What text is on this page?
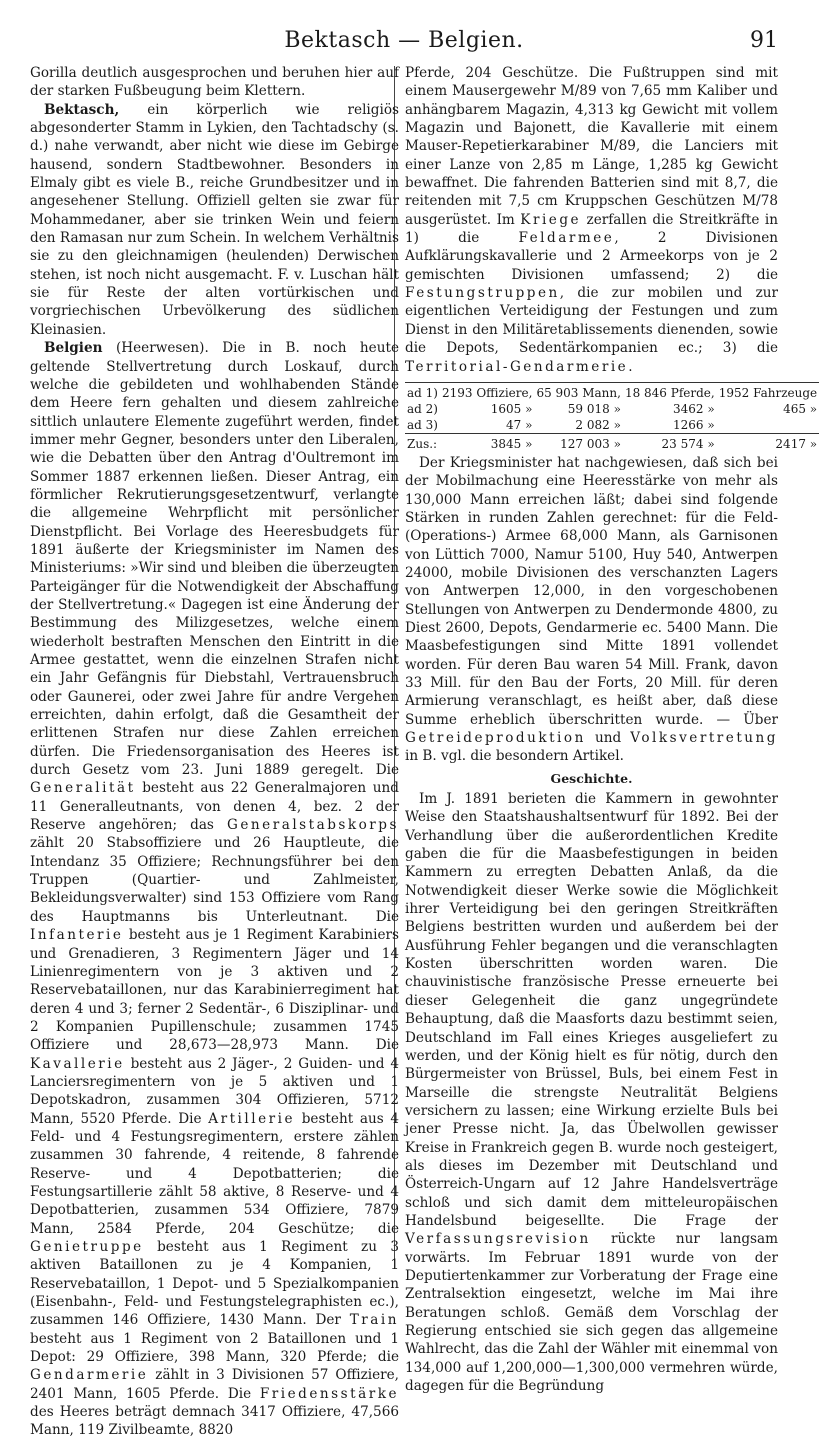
Bektasch — Belgien.	91

Gorilla deutlich ausgesprochen und beruhen hier auf der starken Fußbeugung beim Klettern.

Bektasch, ein körperlich wie religiös abgesonderter Stamm in Lykien, den Tachtadschy (s. d.) nahe verwandt, aber nicht wie diese im Gebirge hausend, sondern Stadtbewohner. Besonders in Elmaly gibt es viele B., reiche Grundbesitzer und in angesehener Stellung. Offiziell gelten sie zwar für Mohammedaner, aber sie trinken Wein und feiern den Ramasan nur zum Schein. In welchem Verhältnis sie zu den gleichnamigen (heulenden) Derwischen stehen, ist noch nicht ausgemacht. F. v. Luschan hält sie für Reste der alten vortürkischen und vorgriechischen Urbevölkerung des südlichen Kleinasien.

Belgien (Heerwesen). Die in B. noch heute geltende Stellvertretung durch Loskauf, durch welche die gebildeten und wohlhabenden Stände dem Heere fern gehalten und diesem zahlreiche sittlich unlautere Elemente zugeführt werden, findet immer mehr Gegner, besonders unter den Liberalen, wie die Debatten über den Antrag d'Oultremont im Sommer 1887 erkennen ließen. Dieser Antrag, ein förmlicher Rekrutierungsgesetzentwurf, verlangte die allgemeine Wehrpflicht mit persönlicher Dienstpflicht. Bei Vorlage des Heeresbudgets für 1891 äußerte der Kriegsminister im Namen des Ministeriums: »Wir sind und bleiben die überzeugten Parteigänger für die Notwendigkeit der Abschaffung der Stellvertretung.« Dagegen ist eine Änderung der Bestimmung des Milizgesetzes, welche einem wiederholt bestraften Menschen den Eintritt in die Armee gestattet, wenn die einzelnen Strafen nicht ein Jahr Gefängnis für Diebstahl, Vertrauensbruch oder Gaunerei, oder zwei Jahre für andre Vergehen erreichten, dahin erfolgt, daß die Gesamtheit der erlittenen Strafen nur diese Zahlen erreichen dürfen. Die Friedensorganisation des Heeres ist durch Gesetz vom 23. Juni 1889 geregelt. Die Generalität besteht aus 22 Generalmajoren und 11 Generalleutnants, von denen 4, bez. 2 der Reserve angehören; das Generalstabskorps zählt 20 Stabsoffiziere und 26 Hauptleute, die Intendanz 35 Offiziere; Rechnungsführer bei den Truppen (Quartier- und Zahlmeister, Bekleidungsverwalter) sind 153 Offiziere vom Rang des Hauptmanns bis Unterleutnant. Die Infanterie besteht aus je 1 Regiment Karabiniers und Grenadieren, 3 Regimentern Jäger und 14 Linienregimentern von je 3 aktiven und 2 Reservebataillonen, nur das Karabinierregiment hat deren 4 und 3; ferner 2 Sedentär-, 6 Disziplinar- und 2 Kompanien Pupillenschule; zusammen 1745 Offiziere und 28,673—28,973 Mann. Die Kavallerie besteht aus 2 Jäger-, 2 Guiden- und 4 Lanciersregimentern von je 5 aktiven und 1 Depotskadron, zusammen 304 Offizieren, 5712 Mann, 5520 Pferde. Die Artillerie besteht aus 4 Feld- und 4 Festungsregimentern, erstere zählen zusammen 30 fahrende, 4 reitende, 8 fahrende Reserve- und 4 Depotbatterien; die Festungsartillerie zählt 58 aktive, 8 Reserve- und 4 Depotbatterien, zusammen 534 Offiziere, 7879 Mann, 2584 Pferde, 204 Geschütze; die Genietruppe besteht aus 1 Regiment zu 3 aktiven Bataillonen zu je 4 Kompanien, 1 Reservebataillon, 1 Depot- und 5 Spezialkompanien (Eisenbahn-, Feld- und Festungstelegraphisten ec.), zusammen 146 Offiziere, 1430 Mann. Der Train besteht aus 1 Regiment von 2 Bataillonen und 1 Depot: 29 Offiziere, 398 Mann, 320 Pferde; die Gendarmerie zählt in 3 Divisionen 57 Offiziere, 2401 Mann, 1605 Pferde. Die Friedensstärke des Heeres beträgt demnach 3417 Offiziere, 47,566 Mann, 119 Zivilbeamte, 8820

Pferde, 204 Geschütze. Die Fußtruppen sind mit einem Mausergewehr M/89 von 7,65 mm Kaliber und anhängbarem Magazin, 4,313 kg Gewicht mit vollem Magazin und Bajonett, die Kavallerie mit einem Mauser-Repetierkarabiner M/89, die Lanciers mit einer Lanze von 2,85 m Länge, 1,285 kg Gewicht bewaffnet. Die fahrenden Batterien sind mit 8,7, die reitenden mit 7,5 cm Kruppschen Geschützen M/78 ausgerüstet. Im Kriege zerfallen die Streitkräfte in 1) die	Feldarmee, 2 Divisionen Aufklärungskavallerie und 2 Armeekorps von je 2 gemischten Divisionen umfassend; 2) die Festungstruppen, die zur mobilen und zur eigentlichen Verteidigung der Festungen und zum Dienst in den Militäretablissements dienenden, sowie die Depots, Sedentärkompanien ec.; 3) die Territorial-Gendarmerie.

ad 1)	2193 Offiziere,	65 903 Mann,	18 846 Pferde,	1952 Fahrzeuge
ad 2)	1605 »	59 018 »	3462 »	465 »
ad 3)	47 »	2 082 »	1266 »	
Zus.:	3845 »	127 003 »	23 574 »	2417 »

Der Kriegsminister hat nachgewiesen, daß sich bei der Mobilmachung eine Heeresstärke von mehr als 130,000 Mann erreichen läßt; dabei sind folgende Stärken in runden Zahlen gerechnet: für die Feld- (Operations-) Armee 68,000 Mann, als Garnisonen von Lüttich 7000, Namur 5100, Huy 540, Antwerpen 24000, mobile Divisionen des verschanzten Lagers von Antwerpen 12,000, in den vorgeschobenen Stellungen von Antwerpen zu Dendermonde 4800, zu Diest 2600, Depots, Gendarmerie ec. 5400 Mann. Die Maasbefestigungen sind Mitte 1891 vollendet worden. Für deren Bau waren 54 Mill. Frank, davon 33 Mill. für den Bau der Forts, 20 Mill. für deren Armierung veranschlagt, es heißt aber, daß diese Summe erheblich überschritten wurde. — Über Getreideproduktion und Volksvertretung in B. vgl. die besondern Artikel.

Geschichte.

Im J. 1891 berieten die Kammern in gewohnter Weise den Staatshaushaltsentwurf für 1892. Bei der Verhandlung über die außerordentlichen Kredite gaben die für die Maasbefestigungen in beiden Kammern zu erregten Debatten Anlaß, da die Notwendigkeit dieser Werke sowie die Möglichkeit ihrer Verteidigung bei den geringen Streitkräften Belgiens bestritten wurden und außerdem bei der Ausführung Fehler begangen und die veranschlagten Kosten überschritten worden waren. Die chauvinistische französische Presse erneuerte bei dieser Gelegenheit die ganz ungegründete Behauptung, daß die Maasforts dazu bestimmt seien, Deutschland im Fall eines Krieges ausgeliefert zu werden, und der König hielt es für nötig, durch den Bürgermeister von Brüssel, Buls, bei einem Fest in Marseille die strengste Neutralität Belgiens versichern zu lassen; eine Wirkung erzielte Buls bei jener Presse nicht. Ja, das Übelwollen gewisser Kreise in Frankreich gegen B. wurde noch gesteigert, als dieses im Dezember mit Deutschland und Österreich-Ungarn auf 12 Jahre Handelsverträge schloß und sich damit dem mitteleuropäischen Handelsbund beigesellte. Die Frage der Verfassungsrevision rückte nur langsam vorwärts. Im Februar 1891 wurde von der Deputiertenkammer zur Vorberatung der Frage eine Zentralsektion eingesetzt, welche im Mai ihre Beratungen schloß. Gemäß dem Vorschlag der Regierung entschied sie sich gegen das allgemeine Wahlrecht, das die Zahl der Wähler mit einemmal von 134,000 auf 1,200,000—1,300,000 vermehren würde, dagegen für die Begründung
